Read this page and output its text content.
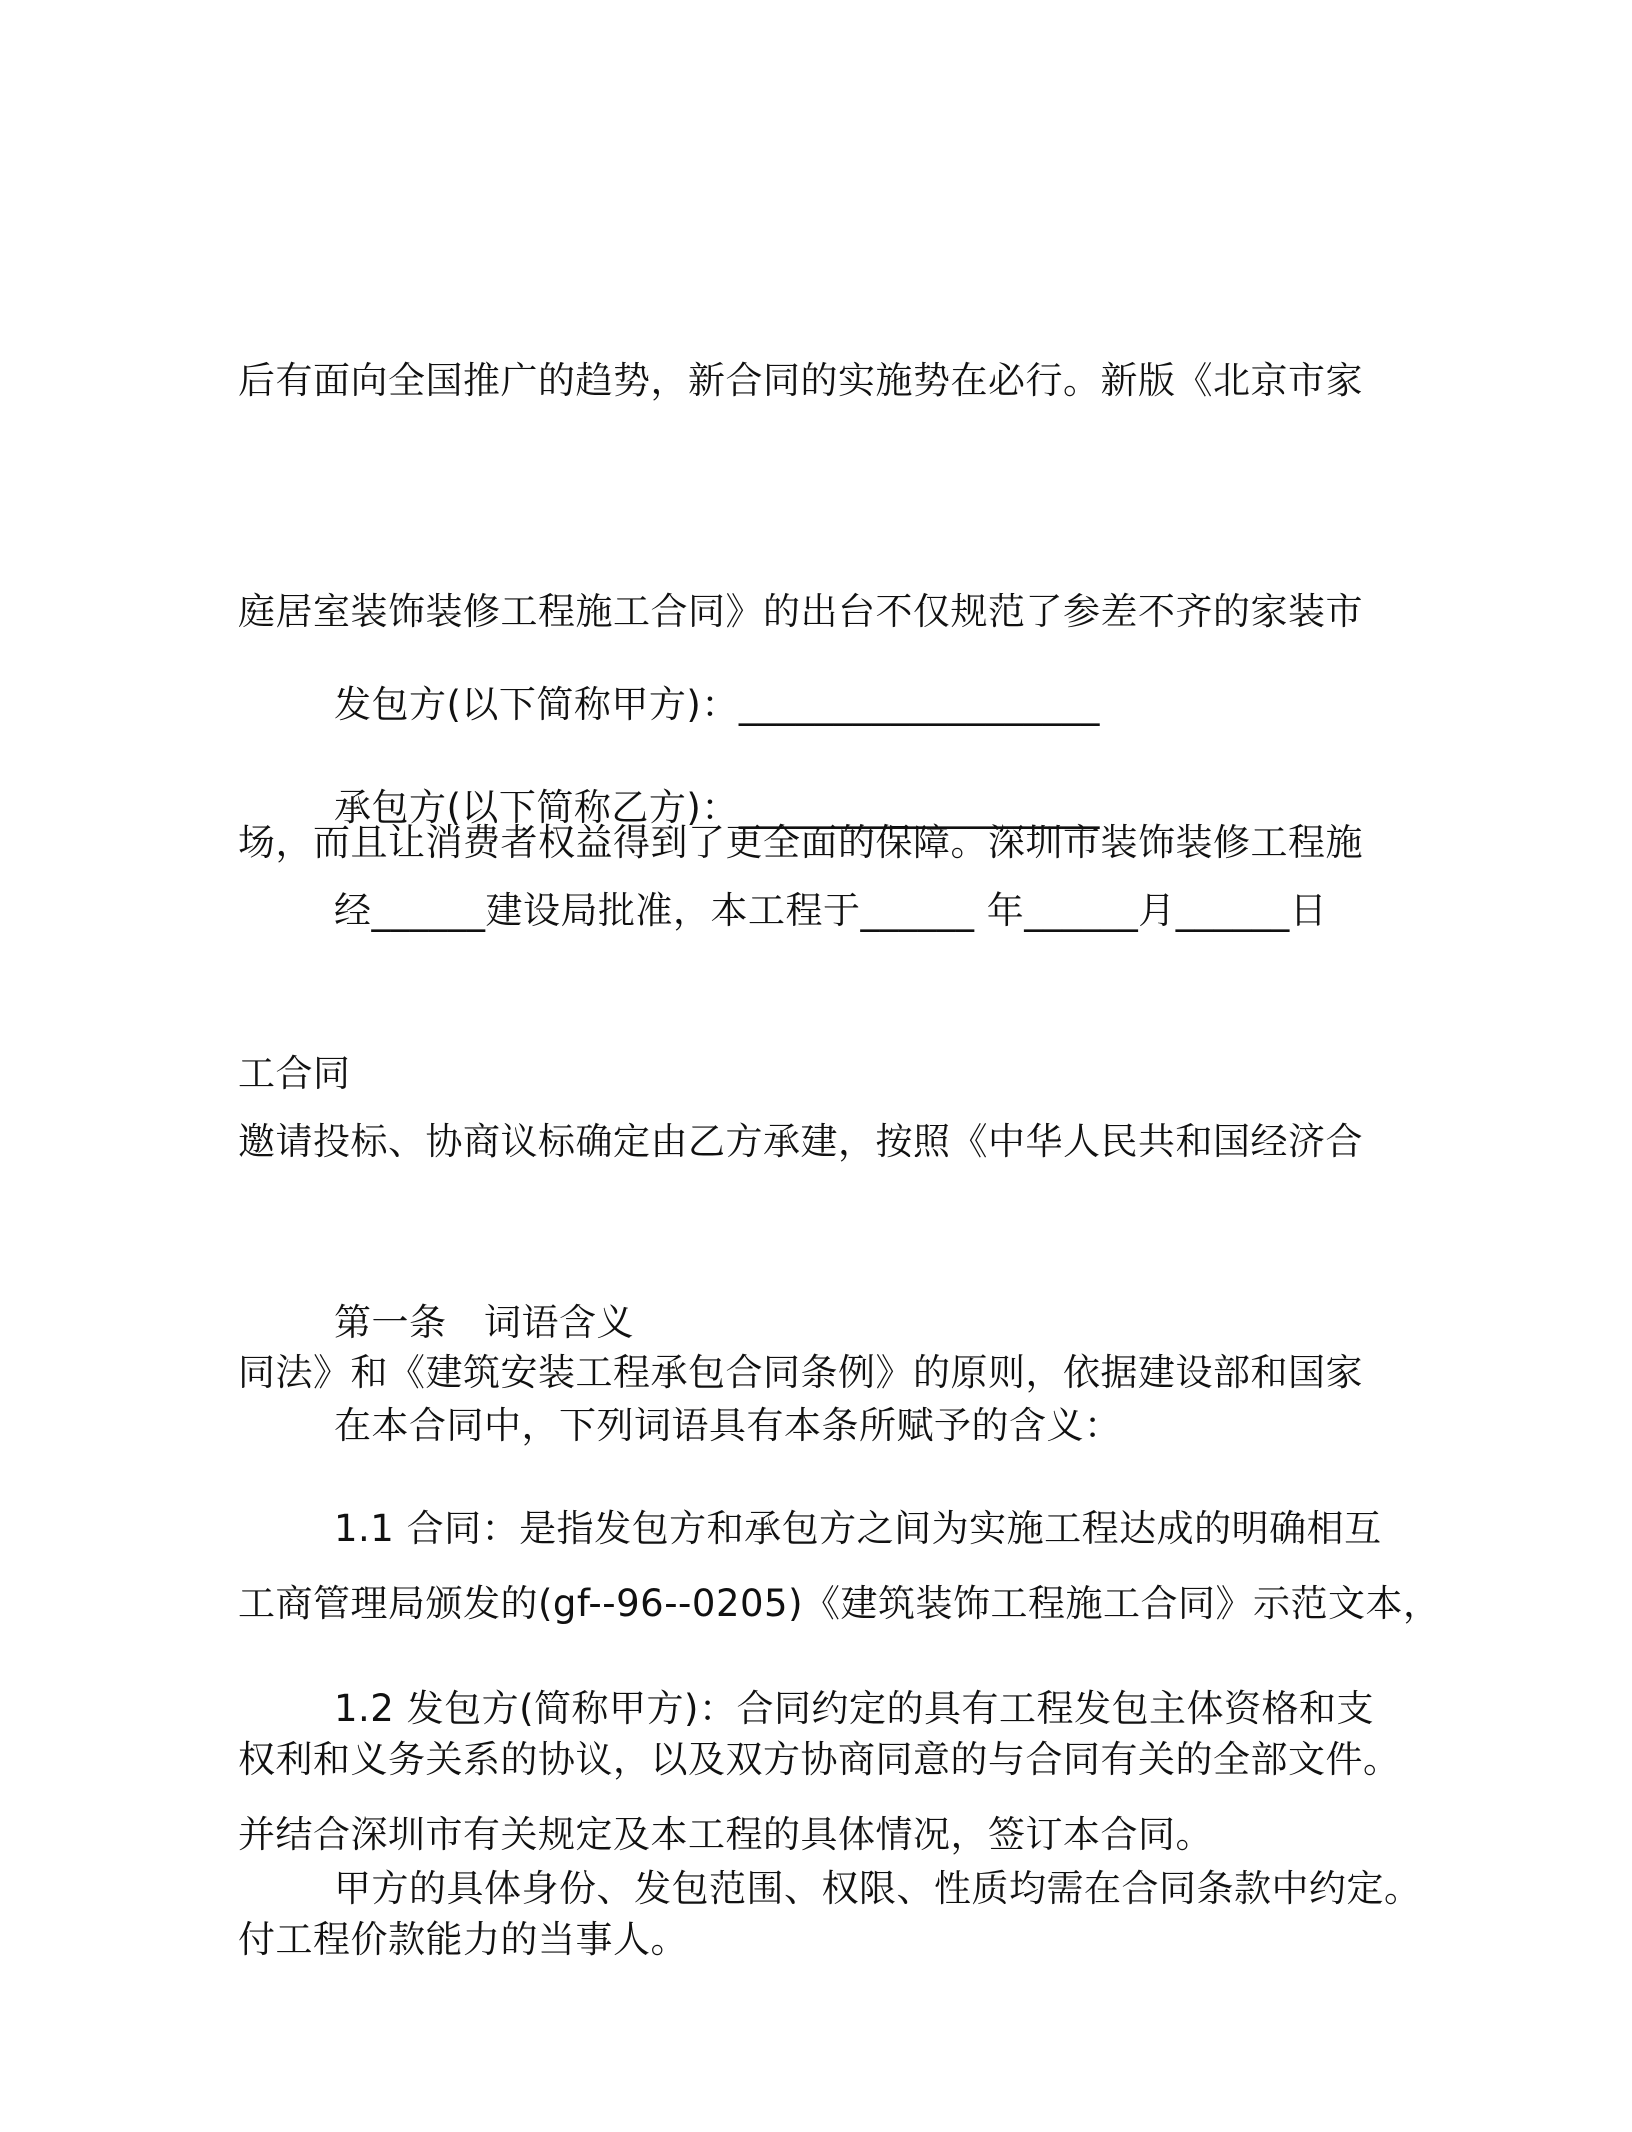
后有面向全国推广的趋势，新合同的实施势在必行。新版《北京市家

庭居室装饰装修工程施工合同》的出台不仅规范了参差不齐的家装市

场，而且让消费者权益得到了更全面的保障。深圳市装饰装修工程施

工合同

发包方(以下简称甲方)：___________________

承包方(以下简称乙方)：___________________

经______建设局批准，本工程于______ 年______月______日

邀请投标、协商议标确定由乙方承建，按照《中华人民共和国经济合

同法》和《建筑安装工程承包合同条例》的原则，依据建设部和国家

工商管理局颁发的(gf--96--0205)《建筑装饰工程施工合同》示范文本，

并结合深圳市有关规定及本工程的具体情况，签订本合同。

第一条　词语含义

在本合同中，下列词语具有本条所赋予的含义：

1.1 合同：是指发包方和承包方之间为实施工程达成的明确相互

权利和义务关系的协议，以及双方协商同意的与合同有关的全部文件。

1.2 发包方(简称甲方)：合同约定的具有工程发包主体资格和支

付工程价款能力的当事人。

甲方的具体身份、发包范围、权限、性质均需在合同条款中约定。
